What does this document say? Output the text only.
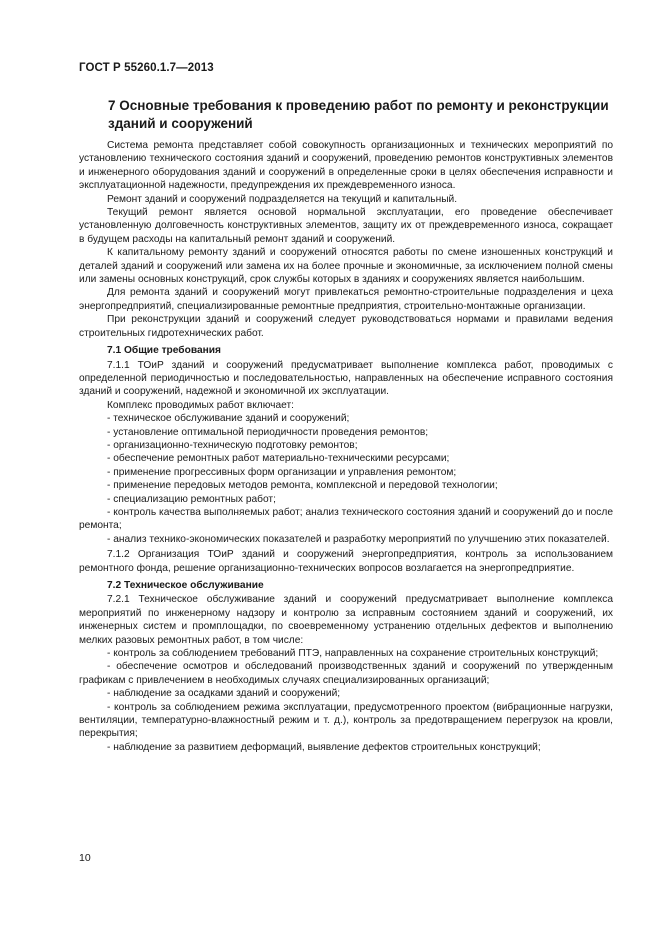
ГОСТ Р 55260.1.7—2013
7 Основные требования к проведению работ по ремонту и реконструкции зданий и сооружений

Система ремонта представляет собой совокупность организационных и технических мероприятий по установлению технического состояния зданий и сооружений, проведению ремонтов конструктивных элементов и инженерного оборудования зданий и сооружений в определенные сроки в целях обеспечения исправности и эксплуатационной надежности, предупреждения их преждевременного износа.

Ремонт зданий и сооружений подразделяется на текущий и капитальный.

Текущий ремонт является основой нормальной эксплуатации, его проведение обеспечивает установленную долговечность конструктивных элементов, защиту их от преждевременного износа, сокращает в будущем расходы на капитальный ремонт зданий и сооружений.

К капитальному ремонту зданий и сооружений относятся работы по смене изношенных конструкций и деталей зданий и сооружений или замена их на более прочные и экономичные, за исключением полной смены или замены основных конструкций, срок службы которых в зданиях и сооружениях является наибольшим.

Для ремонта зданий и сооружений могут привлекаться ремонтно-строительные подразделения и цеха энергопредприятий, специализированные ремонтные предприятия, строительно-монтажные организации.

При реконструкции зданий и сооружений следует руководствоваться нормами и правилами ведения строительных гидротехнических работ.

7.1 Общие требования

7.1.1 ТОиР зданий и сооружений предусматривает выполнение комплекса работ, проводимых с определенной периодичностью и последовательностью, направленных на обеспечение исправного состояния зданий и сооружений, надежной и экономичной их эксплуатации.

Комплекс проводимых работ включает:

- техническое обслуживание зданий и сооружений;

- установление оптимальной периодичности проведения ремонтов;

- организационно-техническую подготовку ремонтов;

- обеспечение ремонтных работ материально-техническими ресурсами;

- применение прогрессивных форм организации и управления ремонтом;

- применение передовых методов ремонта, комплексной и передовой технологии;

- специализацию ремонтных работ;

- контроль качества выполняемых работ; анализ технического состояния зданий и сооружений до и после ремонта;

- анализ технико-экономических показателей и разработку мероприятий по улучшению этих показателей.

7.1.2 Организация ТОиР зданий и сооружений энергопредприятия, контроль за использованием ремонтного фонда, решение организационно-технических вопросов возлагается на энергопредприятие.

7.2 Техническое обслуживание

7.2.1 Техническое обслуживание зданий и сооружений предусматривает выполнение комплекса мероприятий по инженерному надзору и контролю за исправным состоянием зданий и сооружений, их инженерных систем и промплощадки, по своевременному устранению отдельных дефектов и выполнению мелких разовых ремонтных работ, в том числе:

- контроль за соблюдением требований ПТЭ, направленных на сохранение строительных конструкций;

- обеспечение осмотров и обследований производственных зданий и сооружений по утвержденным графикам с привлечением в необходимых случаях специализированных организаций;

- наблюдение за осадками зданий и сооружений;

- контроль за соблюдением режима эксплуатации, предусмотренного проектом (вибрационные нагрузки, вентиляции, температурно-влажностный режим и т. д.), контроль за предотвращением перегрузок на кровли, перекрытия;

- наблюдение за развитием деформаций, выявление дефектов строительных конструкций;

10
